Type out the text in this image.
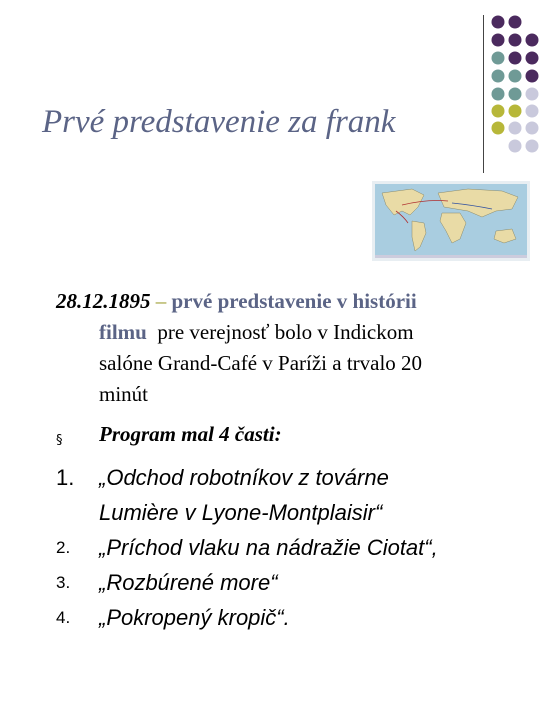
Prvé predstavenie za frank
28.12.1895 – prvé predstavenie v histórii
filmu  pre verejnosť bolo v Indickom
salóne Grand-Café v Paríži a trvalo 20
minút
§ Program mal 4 časti:
1. „Odchod robotníkov z továrne
Lumière v Lyone-Montplaisir“
2. „Príchod vlaku na nádražie Ciotat“,
3. „Rozbúrené more“
4. „Pokropený kropič“.
